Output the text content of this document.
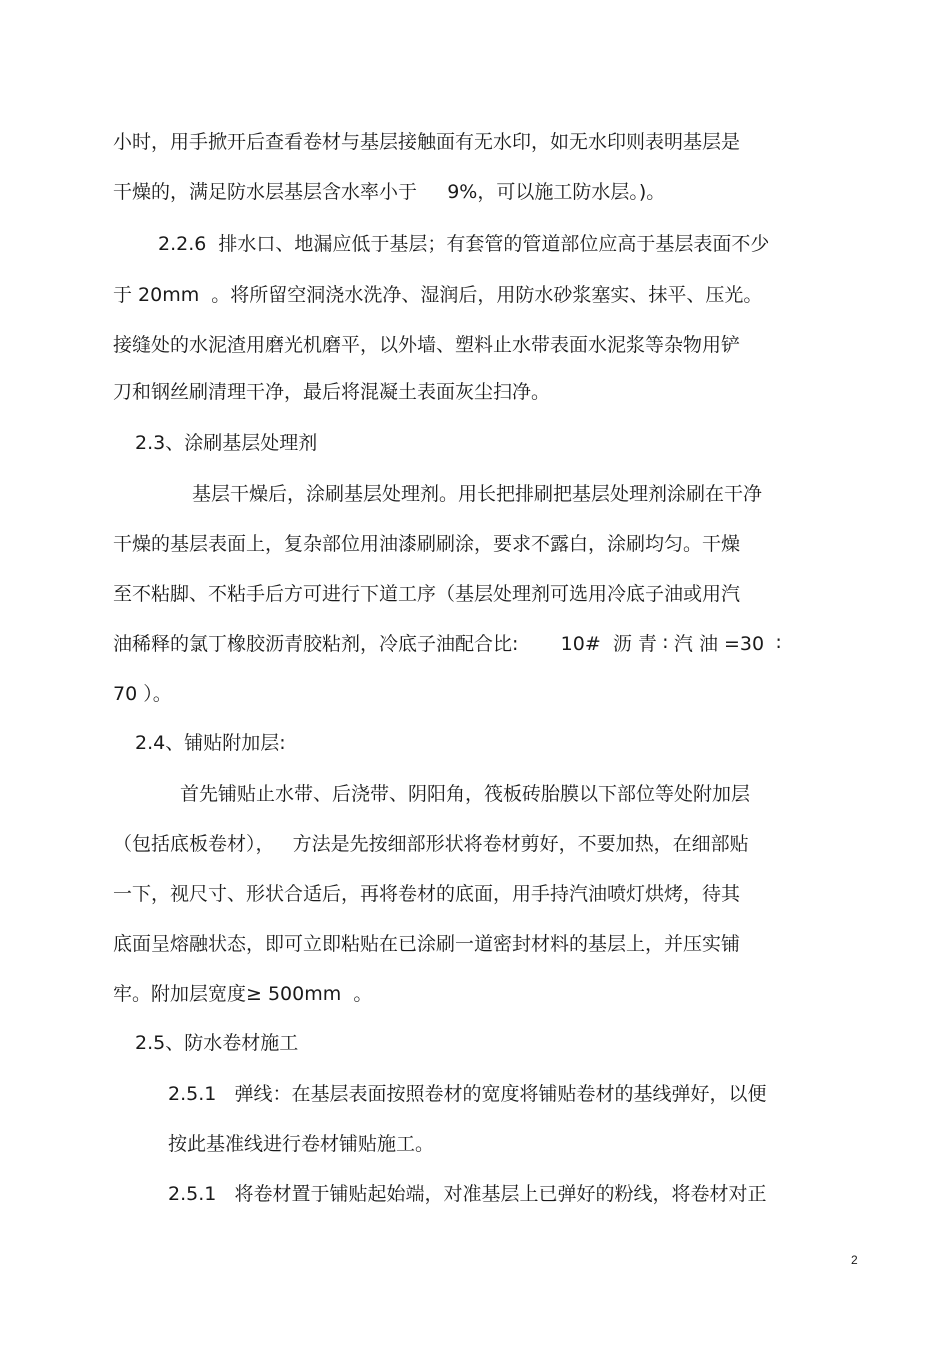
小时，用手掀开后查看卷材与基层接触面有无水印，如无水印则表明基层是

干燥的，满足防水层基层含水率小于     9%，可以施工防水层。)。

2.2.6  排水口、地漏应低于基层；有套管的管道部位应高于基层表面不少

于 20mm  。将所留空洞浇水洗净、湿润后，用防水砂浆塞实、抹平、压光。

接缝处的水泥渣用磨光机磨平，以外墙、塑料止水带表面水泥浆等杂物用铲

刀和钢丝刷清理干净，最后将混凝土表面灰尘扫净。

2.3、涂刷基层处理剂

基层干燥后，涂刷基层处理剂。用长把排刷把基层处理剂涂刷在干净

干燥的基层表面上，复杂部位用油漆刷刷涂，要求不露白，涂刷均匀。干燥

至不粘脚、不粘手后方可进行下道工序（基层处理剂可选用冷底子油或用汽

油稀释的氯丁橡胶沥青胶粘剂，冷底子油配合比:       10#  沥 青 ∶ 汽 油 =30  ∶

70 ）。

2.4、铺贴附加层:

首先铺贴止水带、后浇带、阴阳角，筏板砖胎膜以下部位等处附加层

（包括底板卷材），   方法是先按细部形状将卷材剪好，不要加热，在细部贴

一下，视尺寸、形状合适后，再将卷材的底面，用手持汽油喷灯烘烤，待其

底面呈熔融状态，即可立即粘贴在已涂刷一道密封材料的基层上，并压实铺

牢。附加层宽度≥ 500mm  。

2.5、防水卷材施工

2.5.1   弹线：在基层表面按照卷材的宽度将铺贴卷材的基线弹好，以便

按此基准线进行卷材铺贴施工。

2.5.1   将卷材置于铺贴起始端，对准基层上已弹好的粉线，将卷材对正

2
